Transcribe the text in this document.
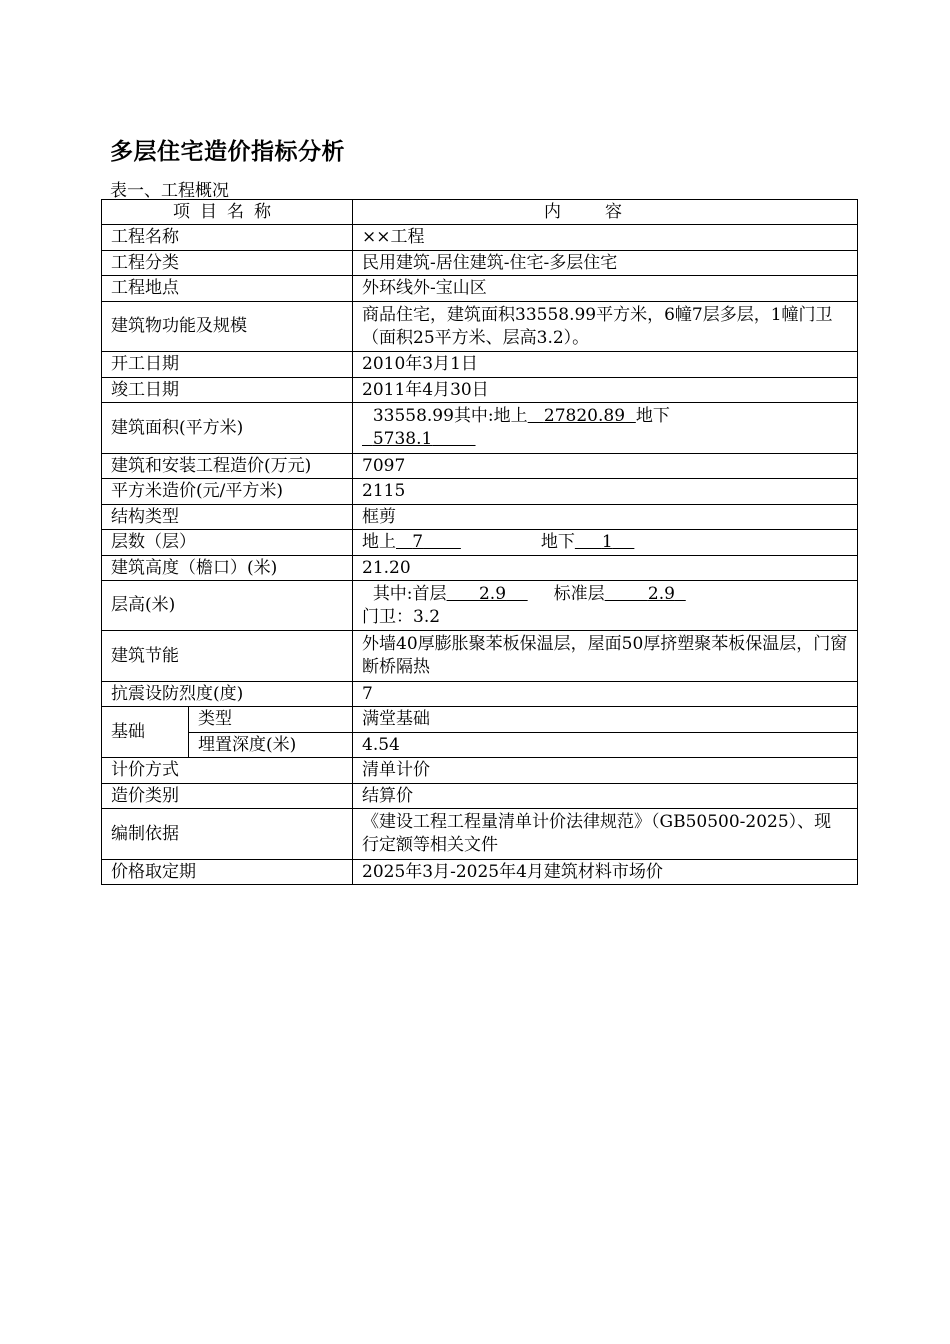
多层住宅造价指标分析
表一、工程概况
项目名称		内容
工程名称		××工程
工程分类		民用建筑-居住建筑-住宅-多层住宅
工程地点		外环线外-宝山区
建筑物功能及规模		商品住宅，建筑面积33558.99平方米，6幢7层多层，1幢门卫（面积25平方米、层高3.2）。
开工日期		2010年3月1日
竣工日期		2011年4月30日
建筑面积(平方米)		33558.99其中:地上 27820.89 地下
5738.1
建筑和安装工程造价(万元)		7097
平方米造价(元/平方米)		2115
结构类型		框剪
层数（层）		地上 7 地下 1
建筑高度（檐口）(米)		21.20
层高(米)		其中:首层 2.9 标准层 2.9
门卫：3.2
建筑节能		外墙40厚膨胀聚苯板保温层，屋面50厚挤塑聚苯板保温层，门窗断桥隔热
抗震设防烈度(度)		7
基础	类型	满堂基础
	埋置深度(米)	4.54
计价方式		清单计价
造价类别		结算价
编制依据		《建设工程工程量清单计价法律规范》（GB50500-2025）、现行定额等相关文件
价格取定期		2025年3月-2025年4月建筑材料市场价
